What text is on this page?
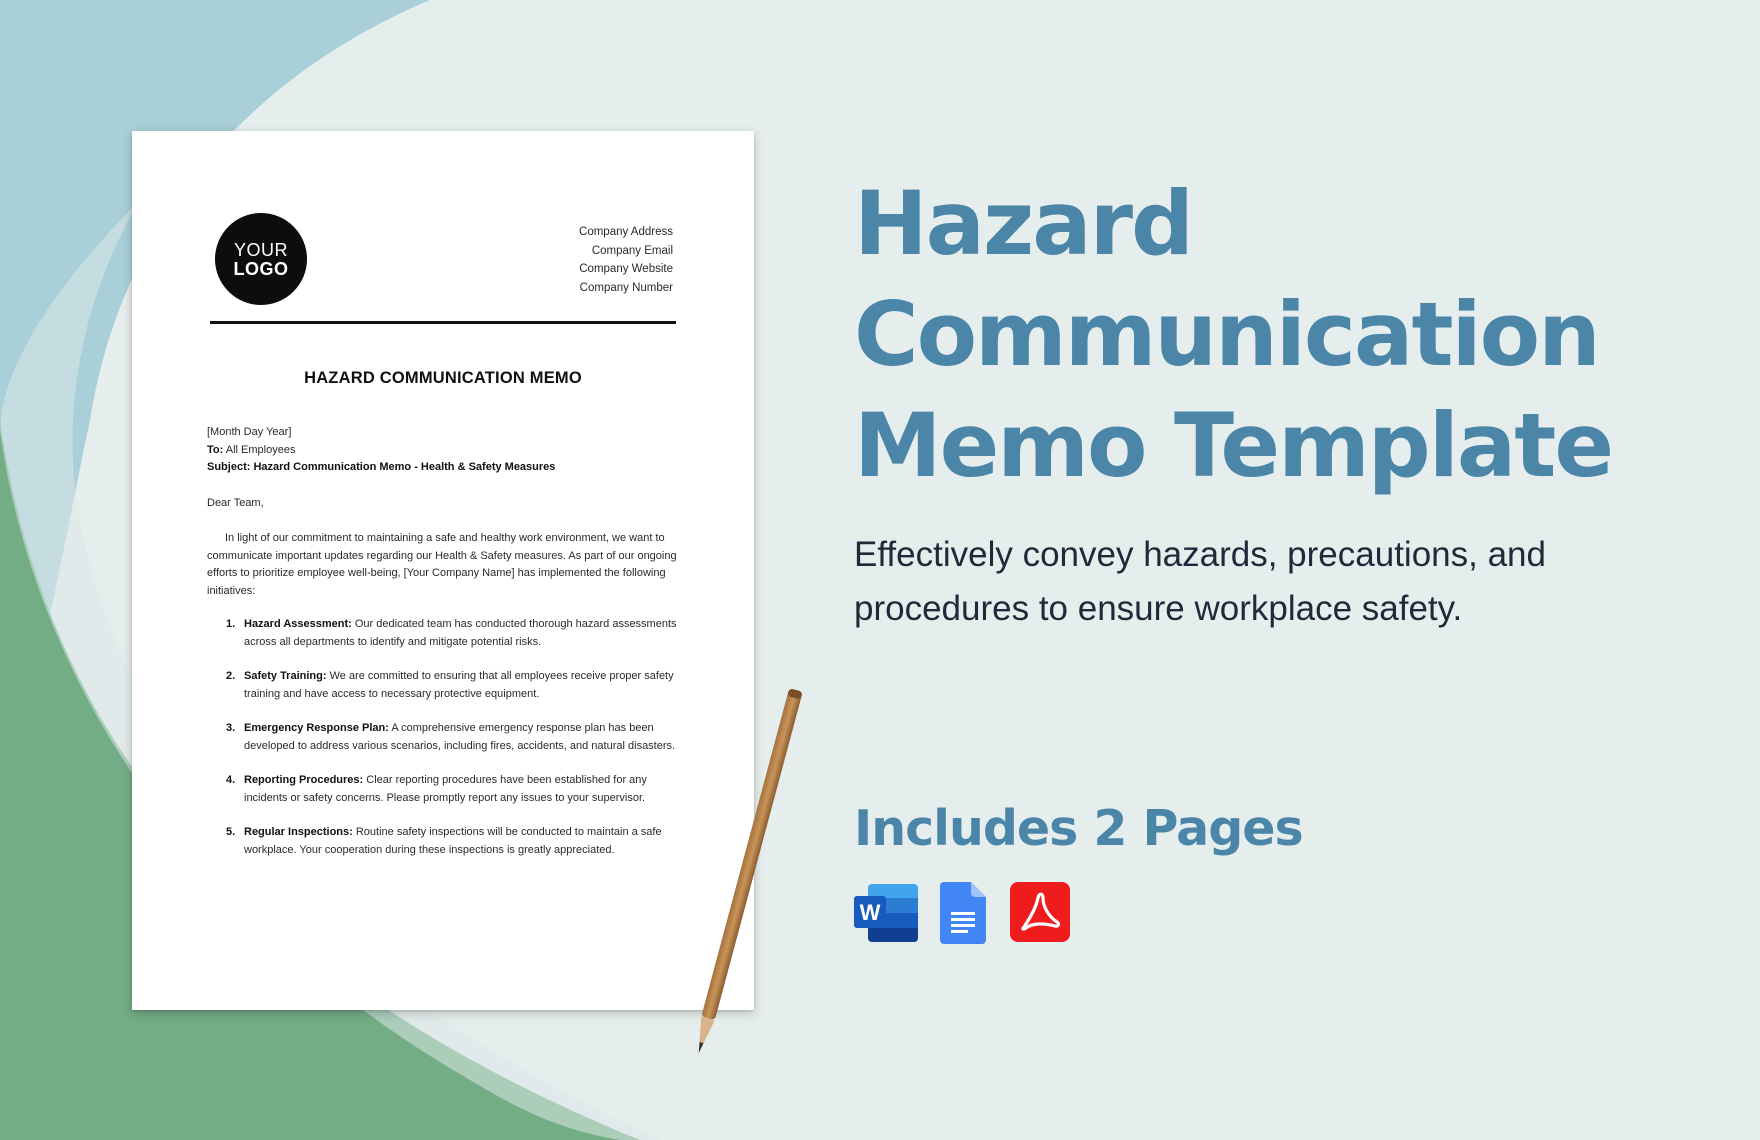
YOUR
LOGO
Company Address
Company Email
Company Website
Company Number
HAZARD COMMUNICATION MEMO

[Month Day Year]

To: All Employees

Subject: Hazard Communication Memo - Health & Safety Measures

Dear Team,

In light of our commitment to maintaining a safe and healthy work environment, we want to communicate important updates regarding our Health & Safety measures. As part of our ongoing efforts to prioritize employee well-being, [Your Company Name] has implemented the following initiatives:

1. Hazard Assessment: Our dedicated team has conducted thorough hazard assessments across all departments to identify and mitigate potential risks.
2. Safety Training: We are committed to ensuring that all employees receive proper safety training and have access to necessary protective equipment.
3. Emergency Response Plan: A comprehensive emergency response plan has been developed to address various scenarios, including fires, accidents, and natural disasters.
4. Reporting Procedures: Clear reporting procedures have been established for any incidents or safety concerns. Please promptly report any issues to your supervisor.
5. Regular Inspections: Routine safety inspections will be conducted to maintain a safe workplace. Your cooperation during these inspections is greatly appreciated.
Hazard
Communication
Memo Template
Effectively convey hazards, precautions, and procedures to ensure workplace safety.
Includes 2 Pages
W
